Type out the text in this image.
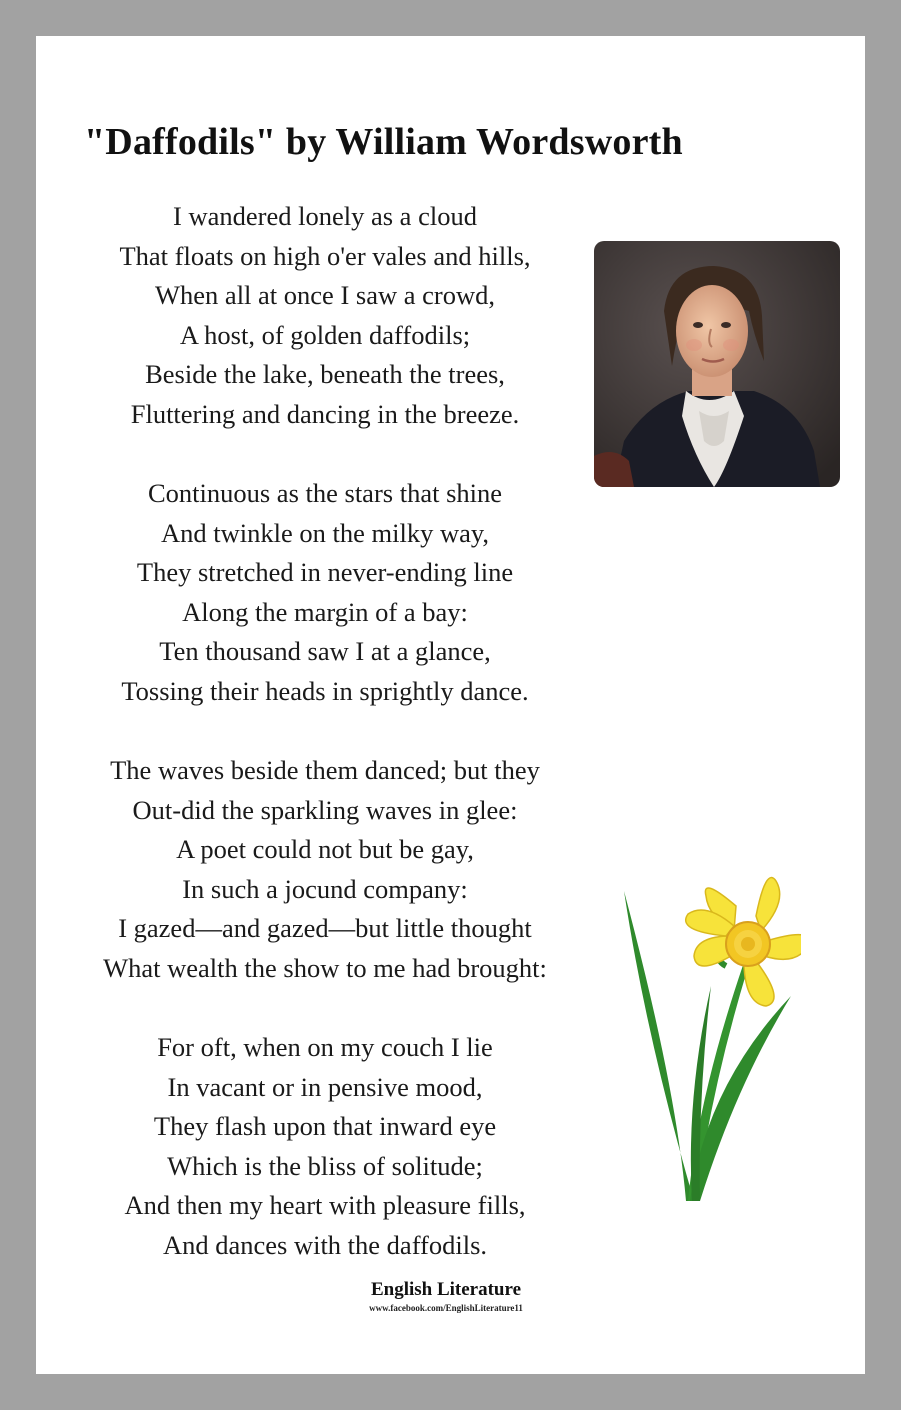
"Daffodils" by William Wordsworth
I wandered lonely as a cloud
That floats on high o'er vales and hills,
When all at once I saw a crowd,
A host, of golden daffodils;
Beside the lake, beneath the trees,
Fluttering and dancing in the breeze.
Continuous as the stars that shine
And twinkle on the milky way,
They stretched in never-ending line
Along the margin of a bay:
Ten thousand saw I at a glance,
Tossing their heads in sprightly dance.
The waves beside them danced; but they
Out-did the sparkling waves in glee:
A poet could not but be gay,
In such a jocund company:
I gazed—and gazed—but little thought
What wealth the show to me had brought:
For oft, when on my couch I lie
In vacant or in pensive mood,
They flash upon that inward eye
Which is the bliss of solitude;
And then my heart with pleasure fills,
And dances with the daffodils.
English Literature
www.facebook.com/EnglishLiterature11
